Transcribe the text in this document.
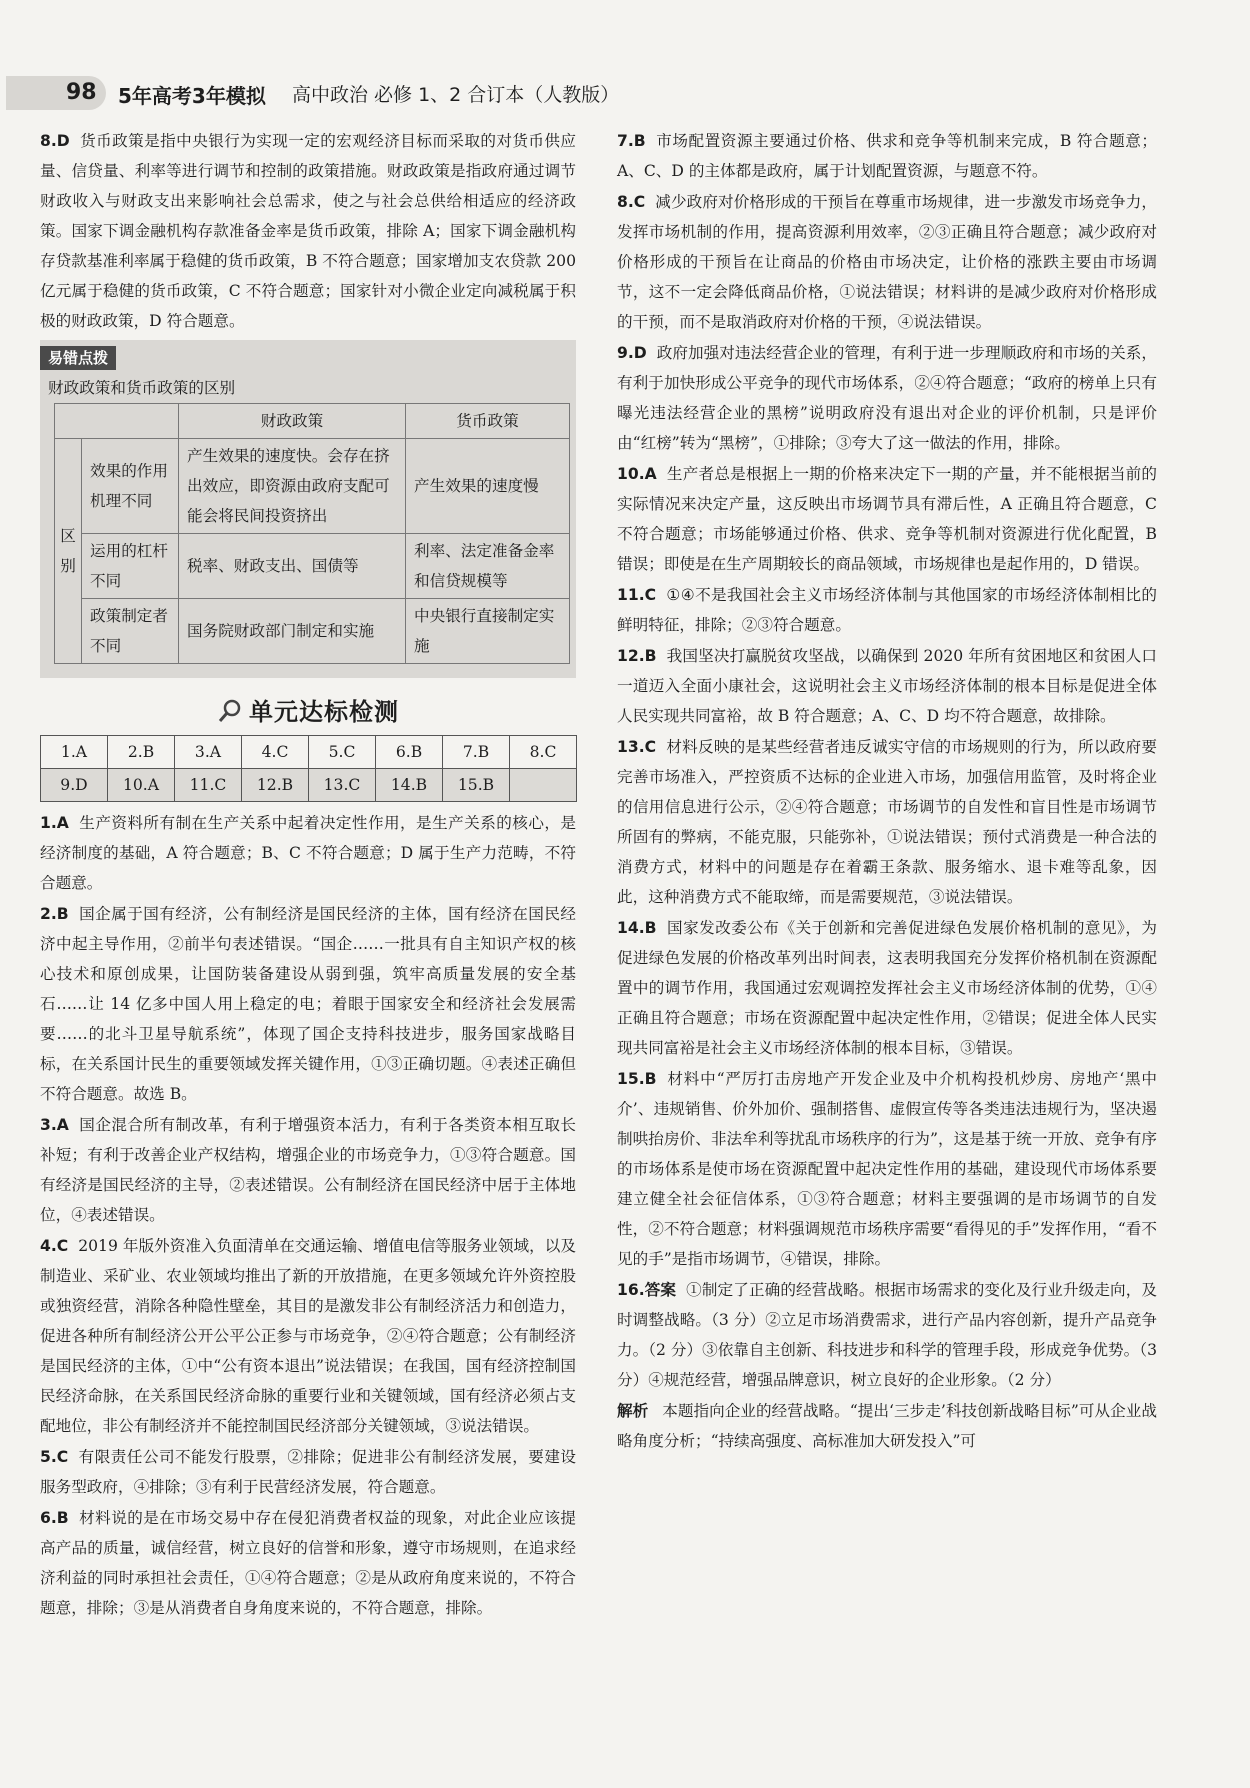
98	5年高考3年模拟 高中政治 必修 1、2 合订本（人教版）
8.D 货币政策是指中央银行为实现一定的宏观经济目标而采取的对货币供应量、信贷量、利率等进行调节和控制的政策措施。财政政策是指政府通过调节财政收入与财政支出来影响社会总需求，使之与社会总供给相适应的经济政策。国家下调金融机构存款准备金率是货币政策，排除 A；国家下调金融机构存贷款基准利率属于稳健的货币政策，B 不符合题意；国家增加支农贷款 200 亿元属于稳健的货币政策，C 不符合题意；国家针对小微企业定向减税属于积极的财政政策，D 符合题意。
易错点拨
财政政策和货币政策的区别
		财政政策	货币政策
区别	效果的作用机理不同	产生效果的速度快。会存在挤出效应，即资源由政府支配可能会将民间投资挤出	产生效果的速度慢
	运用的杠杆不同	税率、财政支出、国债等	利率、法定准备金率和信贷规模等
	政策制定者不同	国务院财政部门制定和实施	中央银行直接制定实施
单元达标检测
1.A	2.B	3.A	4.C	5.C	6.B	7.B	8.C
9.D	10.A	11.C	12.B	13.C	14.B	15.B	
1.A 生产资料所有制在生产关系中起着决定性作用，是生产关系的核心，是经济制度的基础，A 符合题意；B、C 不符合题意；D 属于生产力范畴，不符合题意。
2.B 国企属于国有经济，公有制经济是国民经济的主体，国有经济在国民经济中起主导作用，②前半句表述错误。“国企……一批具有自主知识产权的核心技术和原创成果，让国防装备建设从弱到强，筑牢高质量发展的安全基石……让 14 亿多中国人用上稳定的电；着眼于国家安全和经济社会发展需要……的北斗卫星导航系统”，体现了国企支持科技进步，服务国家战略目标，在关系国计民生的重要领域发挥关键作用，①③正确切题。④表述正确但不符合题意。故选 B。
3.A 国企混合所有制改革，有利于增强资本活力，有利于各类资本相互取长补短；有利于改善企业产权结构，增强企业的市场竞争力，①③符合题意。国有经济是国民经济的主导，②表述错误。公有制经济在国民经济中居于主体地位，④表述错误。
4.C 2019 年版外资准入负面清单在交通运输、增值电信等服务业领域，以及制造业、采矿业、农业领域均推出了新的开放措施，在更多领域允许外资控股或独资经营，消除各种隐性壁垒，其目的是激发非公有制经济活力和创造力，促进各种所有制经济公开公平公正参与市场竞争，②④符合题意；公有制经济是国民经济的主体，①中“公有资本退出”说法错误；在我国，国有经济控制国民经济命脉，在关系国民经济命脉的重要行业和关键领域，国有经济必须占支配地位，非公有制经济并不能控制国民经济部分关键领域，③说法错误。
5.C 有限责任公司不能发行股票，②排除；促进非公有制经济发展，要建设服务型政府，④排除；③有利于民营经济发展，符合题意。
6.B 材料说的是在市场交易中存在侵犯消费者权益的现象，对此企业应该提高产品的质量，诚信经营，树立良好的信誉和形象，遵守市场规则，在追求经济利益的同时承担社会责任，①④符合题意；②是从政府角度来说的，不符合题意，排除；③是从消费者自身角度来说的，不符合题意，排除。
7.B 市场配置资源主要通过价格、供求和竞争等机制来完成，B 符合题意；A、C、D 的主体都是政府，属于计划配置资源，与题意不符。
8.C 减少政府对价格形成的干预旨在尊重市场规律，进一步激发市场竞争力，发挥市场机制的作用，提高资源利用效率，②③正确且符合题意；减少政府对价格形成的干预旨在让商品的价格由市场决定，让价格的涨跌主要由市场调节，这不一定会降低商品价格，①说法错误；材料讲的是减少政府对价格形成的干预，而不是取消政府对价格的干预，④说法错误。
9.D 政府加强对违法经营企业的管理，有利于进一步理顺政府和市场的关系，有利于加快形成公平竞争的现代市场体系，②④符合题意；“政府的榜单上只有曝光违法经营企业的黑榜”说明政府没有退出对企业的评价机制，只是评价由“红榜”转为“黑榜”，①排除；③夸大了这一做法的作用，排除。
10.A 生产者总是根据上一期的价格来决定下一期的产量，并不能根据当前的实际情况来决定产量，这反映出市场调节具有滞后性，A 正确且符合题意，C 不符合题意；市场能够通过价格、供求、竞争等机制对资源进行优化配置，B 错误；即使是在生产周期较长的商品领域，市场规律也是起作用的，D 错误。
11.C ①④不是我国社会主义市场经济体制与其他国家的市场经济体制相比的鲜明特征，排除；②③符合题意。
12.B 我国坚决打赢脱贫攻坚战，以确保到 2020 年所有贫困地区和贫困人口一道迈入全面小康社会，这说明社会主义市场经济体制的根本目标是促进全体人民实现共同富裕，故 B 符合题意；A、C、D 均不符合题意，故排除。
13.C 材料反映的是某些经营者违反诚实守信的市场规则的行为，所以政府要完善市场准入，严控资质不达标的企业进入市场，加强信用监管，及时将企业的信用信息进行公示，②④符合题意；市场调节的自发性和盲目性是市场调节所固有的弊病，不能克服，只能弥补，①说法错误；预付式消费是一种合法的消费方式，材料中的问题是存在着霸王条款、服务缩水、退卡难等乱象，因此，这种消费方式不能取缔，而是需要规范，③说法错误。
14.B 国家发改委公布《关于创新和完善促进绿色发展价格机制的意见》，为促进绿色发展的价格改革列出时间表，这表明我国充分发挥价格机制在资源配置中的调节作用，我国通过宏观调控发挥社会主义市场经济体制的优势，①④正确且符合题意；市场在资源配置中起决定性作用，②错误；促进全体人民实现共同富裕是社会主义市场经济体制的根本目标，③错误。
15.B 材料中“严厉打击房地产开发企业及中介机构投机炒房、房地产‘黑中介’、违规销售、价外加价、强制搭售、虚假宣传等各类违法违规行为，坚决遏制哄抬房价、非法牟利等扰乱市场秩序的行为”，这是基于统一开放、竞争有序的市场体系是使市场在资源配置中起决定性作用的基础，建设现代市场体系要建立健全社会征信体系，①③符合题意；材料主要强调的是市场调节的自发性，②不符合题意；材料强调规范市场秩序需要“看得见的手”发挥作用，“看不见的手”是指市场调节，④错误，排除。
16.答案 ①制定了正确的经营战略。根据市场需求的变化及行业升级走向，及时调整战略。（3 分）②立足市场消费需求，进行产品内容创新，提升产品竞争力。（2 分）③依靠自主创新、科技进步和科学的管理手段，形成竞争优势。（3 分）④规范经营，增强品牌意识，树立良好的企业形象。（2 分）
解析 本题指向企业的经营战略。“提出‘三步走’科技创新战略目标”可从企业战略角度分析；“持续高强度、高标准加大研发投入”可
